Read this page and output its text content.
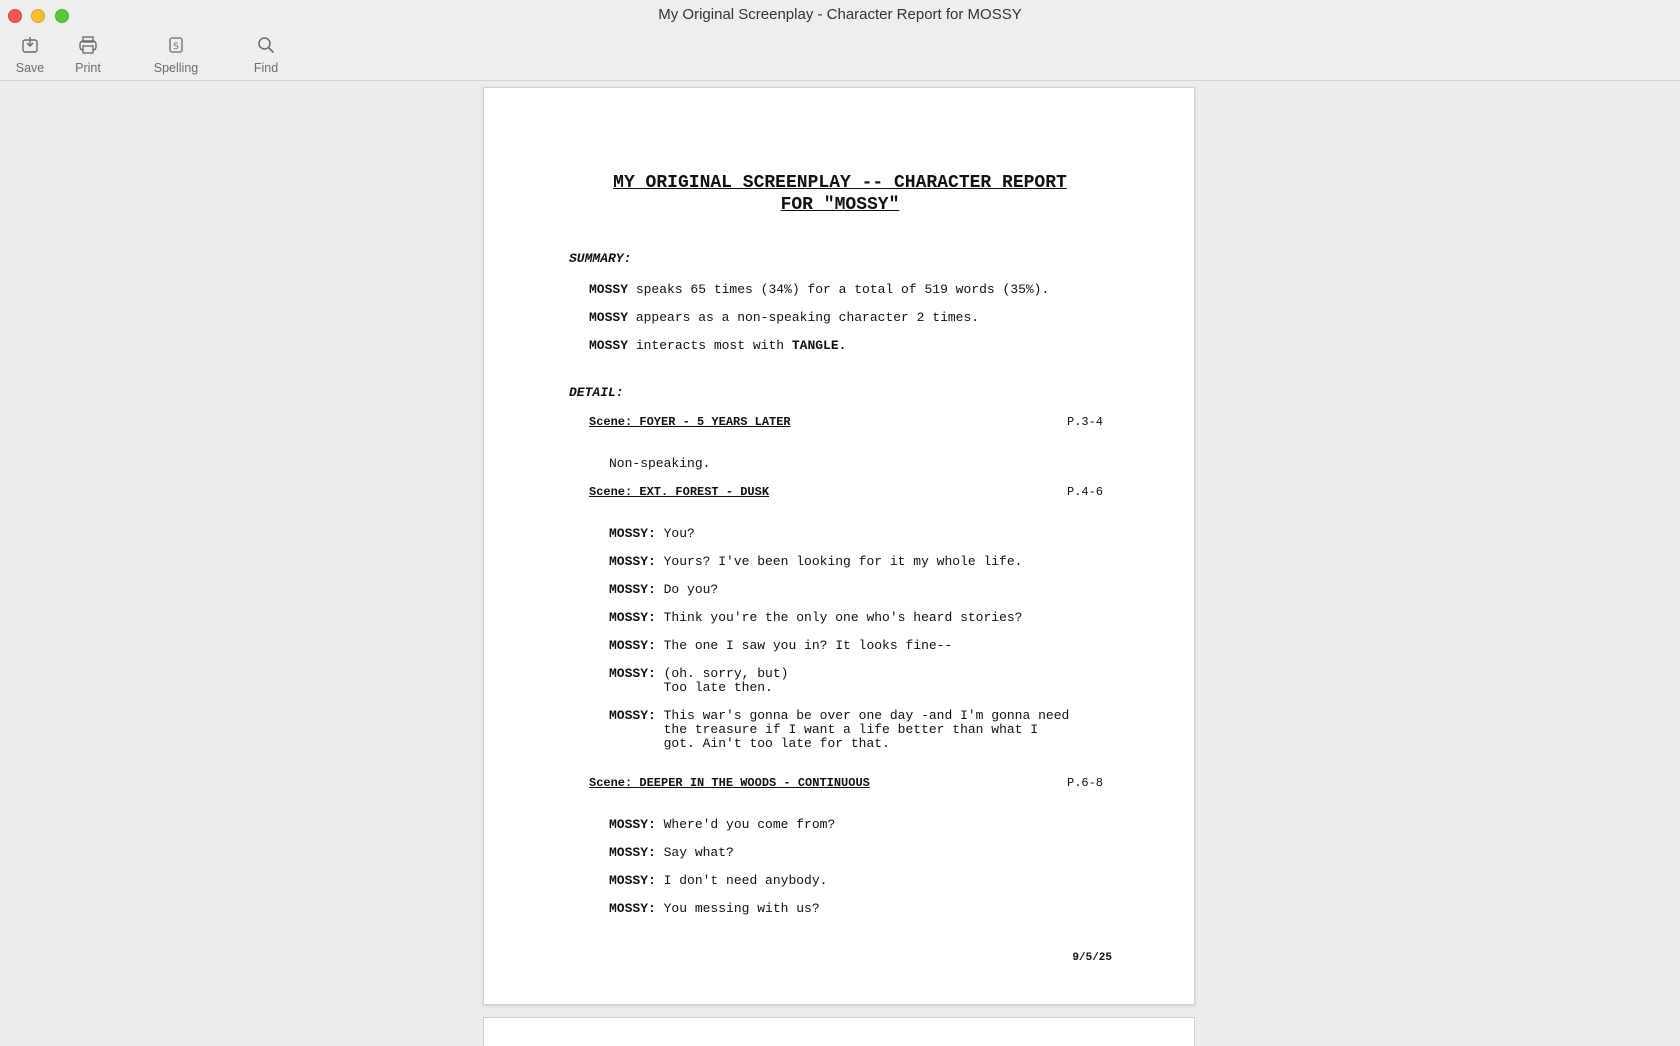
My Original Screenplay - Character Report for MOSSY
Save	Print
S
Spelling	Find
MY ORIGINAL SCREENPLAY -- CHARACTER REPORT
FOR "MOSSY"
SUMMARY:
MOSSY speaks 65 times (34%) for a total of 519 words (35%).
MOSSY appears as a non-speaking character 2 times.
MOSSY interacts most with TANGLE.
DETAIL:
Scene: FOYER - 5 YEARS LATER	P.3-4
Non-speaking.
Scene: EXT. FOREST - DUSK	P.4-6
MOSSY: You?
MOSSY: Yours? I've been looking for it my whole life.
MOSSY: Do you?
MOSSY: Think you're the only one who's heard stories?
MOSSY: The one I saw you in? It looks fine--
MOSSY: (oh. sorry, but)
Too late then.
MOSSY: This war's gonna be over one day -and I'm gonna need
the treasure if I want a life better than what I
got. Ain't too late for that.
Scene: DEEPER IN THE WOODS - CONTINUOUS	P.6-8
MOSSY: Where'd you come from?
MOSSY: Say what?
MOSSY: I don't need anybody.
MOSSY: You messing with us?
9/5/25
